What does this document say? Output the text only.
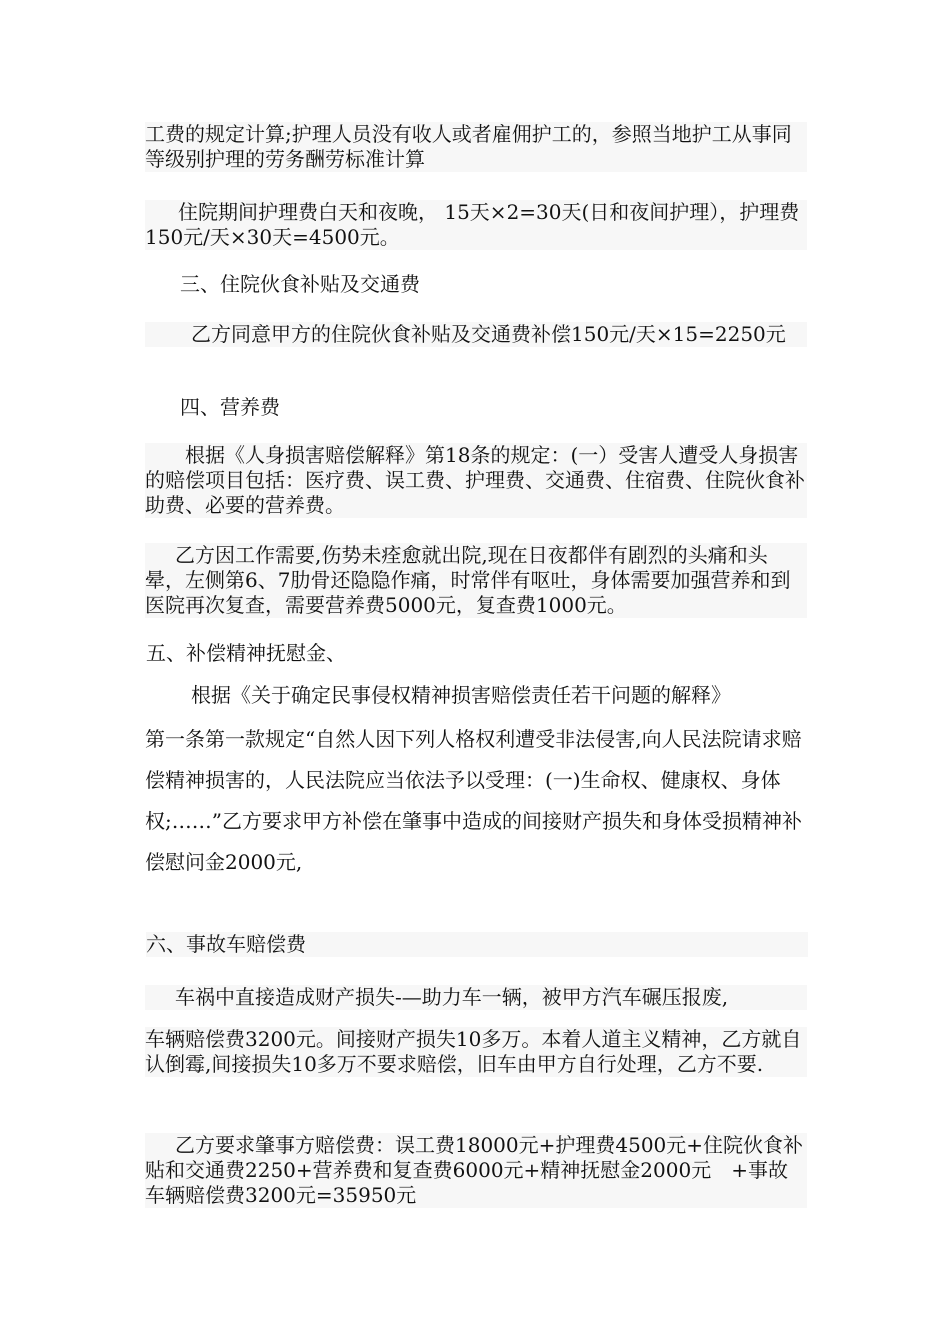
工费的规定计算;护理人员没有收人或者雇佣护工的，参照当地护工从事同等级别护理的劳务酬劳标准计算

住院期间护理费白天和夜晚， 15天×2=30天(日和夜间护理），护理费 150元/天×30天=4500元。

三、住院伙食补贴及交通费

乙方同意甲方的住院伙食补贴及交通费补偿150元/天×15=2250元

四、营养费

根据《人身损害赔偿解释》第18条的规定：(一）受害人遭受人身损害的赔偿项目包括：医疗费、误工费、护理费、交通费、住宿费、住院伙食补助费、必要的营养费。

乙方因工作需要,伤势未痊愈就出院,现在日夜都伴有剧烈的头痛和头晕，左侧第6、7肋骨还隐隐作痛，时常伴有呕吐，身体需要加强营养和到医院再次复查，需要营养费5000元，复查费1000元。

五、补偿精神抚慰金、

根据《关于确定民事侵权精神损害赔偿责任若干问题的解释》

第一条第一款规定“自然人因下列人格权利遭受非法侵害,向人民法院请求赔偿精神损害的，人民法院应当依法予以受理：(一)生命权、健康权、身体权;……”乙方要求甲方补偿在肇事中造成的间接财产损失和身体受损精神补偿慰问金2000元,

六、事故车赔偿费

车祸中直接造成财产损失-—助力车一辆，被甲方汽车碾压报废,

车辆赔偿费3200元。间接财产损失10多万。本着人道主义精神，乙方就自认倒霉,间接损失10多万不要求赔偿，旧车由甲方自行处理，乙方不要.

乙方要求肇事方赔偿费：误工费18000元+护理费4500元+住院伙食补贴和交通费2250+营养费和复查费6000元+精神抚慰金2000元　+事故车辆赔偿费3200元=35950元
